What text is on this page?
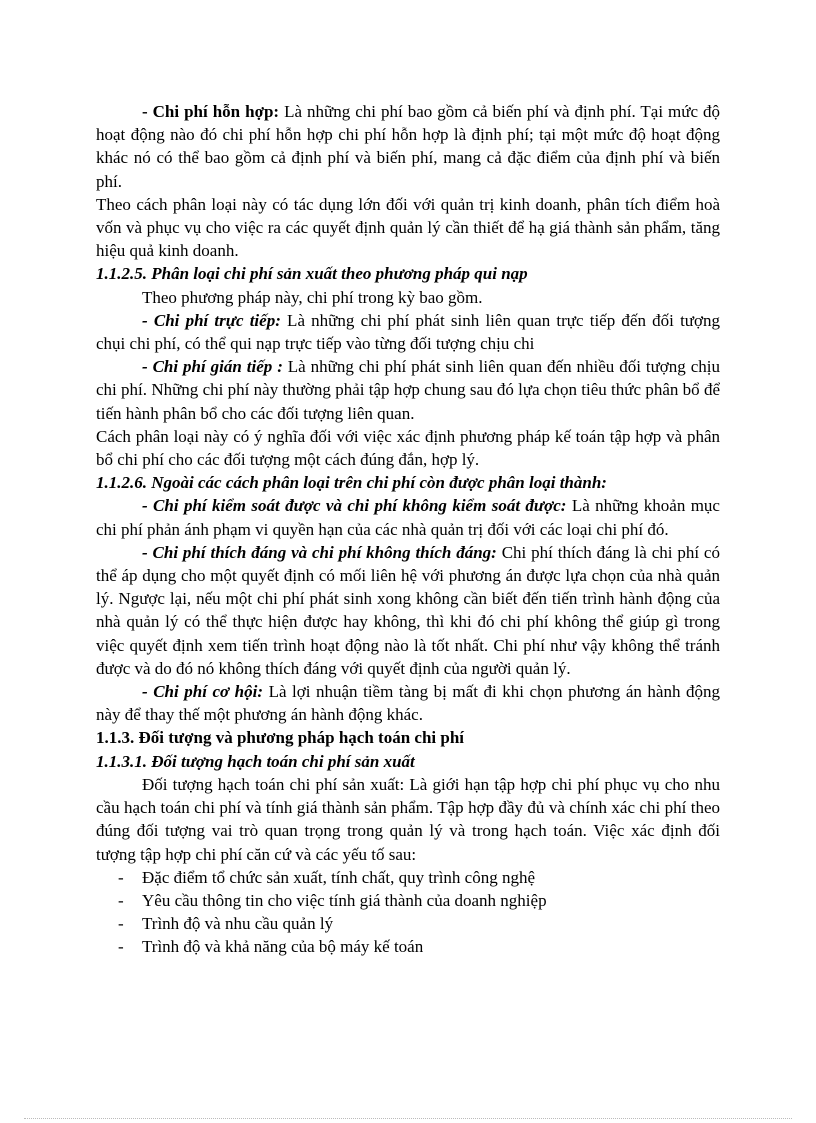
- Chi phí hỗn hợp: Là những chi phí bao gồm cả biến phí và định phí. Tại mức độ hoạt động nào đó chi phí hỗn hợp chi phí hỗn hợp là định phí; tại một mức độ hoạt động khác nó có thể bao gồm cả định phí và biến phí, mang cả đặc điểm của định phí và biến phí.

Theo cách phân loại này có tác dụng lớn đối với quản trị kinh doanh, phân tích điểm hoà vốn và phục vụ cho việc ra các quyết định quản lý cần thiết để hạ giá thành sản phẩm, tăng hiệu quả kinh doanh.

1.1.2.5. Phân loại chi phí sản xuất theo phương pháp qui nạp

Theo phương pháp này, chi phí trong kỳ bao gồm.

- Chi phí trực tiếp: Là những chi phí phát sinh liên quan trực tiếp đến đối tượng chụi chi phí, có thể qui nạp trực tiếp vào từng đối tượng chịu chi

- Chi phí gián tiếp : Là những chi phí phát sinh liên quan đến nhiều đối tượng chịu chi phí. Những chi phí này thường phải tập hợp chung sau đó lựa chọn tiêu thức phân bổ để tiến hành phân bổ cho các đối tượng liên quan.

Cách phân loại này có ý nghĩa đối với việc xác định phương pháp kế toán tập hợp và phân bổ chi phí cho các đối tượng một cách đúng đắn, hợp lý.

1.1.2.6. Ngoài các cách phân loại trên chi phí còn được phân loại thành:

- Chi phí kiểm soát được và chi phí không kiểm soát được: Là những khoản mục chi phí phản ánh phạm vi quyền hạn của các nhà quản trị đối với các loại chi phí đó.

- Chi phí thích đáng và chi phí không thích đáng: Chi phí thích đáng là chi phí có thể áp dụng cho một quyết định có mối liên hệ với phương án được lựa chọn của nhà quản lý. Ngược lại, nếu một chi phí phát sinh xong không cần biết đến tiến trình hành động của nhà quản lý có thể thực hiện được hay không, thì khi đó chi phí không thể giúp gì trong việc quyết định xem tiến trình hoạt động nào là tốt nhất. Chi phí như vậy không thể tránh được và do đó nó không thích đáng với quyết định của người quản lý.

- Chi phí cơ hội: Là lợi nhuận tiềm tàng bị mất đi khi chọn phương án hành động này để thay thế một phương án hành động khác.

1.1.3. Đối tượng và phương pháp hạch toán chi phí

1.1.3.1. Đối tượng hạch toán chi phí sản xuất

Đối tượng hạch toán chi phí sản xuất: Là giới hạn tập hợp chi phí phục vụ cho nhu cầu hạch toán chi phí và tính giá thành sản phẩm. Tập hợp đầy đủ và chính xác chi phí theo đúng đối tượng vai trò quan trọng trong quản lý và trong hạch toán. Việc xác định đối tượng tập hợp chi phí căn cứ và các yếu tố sau:

- Đặc điểm tổ chức sản xuất, tính chất, quy trình công nghệ
- Yêu cầu thông tin cho việc tính giá thành của doanh nghiệp
- Trình độ và nhu cầu quản lý
- Trình độ và khả năng của bộ máy kế toán
